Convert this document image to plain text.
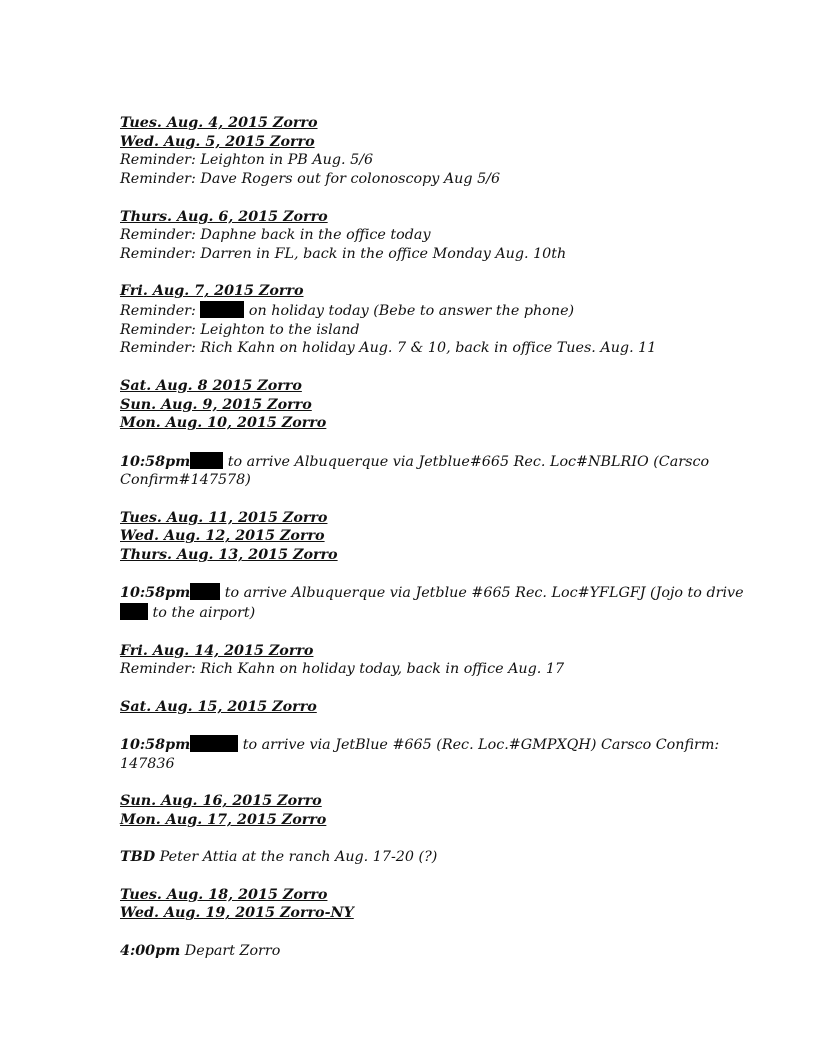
Tues. Aug. 4, 2015 Zorro
Wed. Aug. 5, 2015 Zorro
Reminder: Leighton in PB Aug. 5/6
Reminder: Dave Rogers out for colonoscopy Aug 5/6
Thurs. Aug. 6, 2015 Zorro
Reminder: Daphne back in the office today
Reminder: Darren in FL, back in the office Monday Aug. 10th
Fri. Aug. 7, 2015 Zorro
Reminder:	on holiday today (Bebe to answer the phone)
Reminder: Leighton to the island
Reminder: Rich Kahn on holiday Aug. 7 & 10, back in office Tues. Aug. 11
Sat. Aug. 8 2015 Zorro
Sun. Aug. 9, 2015 Zorro
Mon. Aug. 10, 2015 Zorro
10:58pm	to arrive Albuquerque via Jetblue#665 Rec. Loc#NBLRIO (Carsco
Confirm#147578)
Tues. Aug. 11, 2015 Zorro
Wed. Aug. 12, 2015 Zorro
Thurs. Aug. 13, 2015 Zorro
10:58pm to arrive Albuquerque via Jetblue #665 Rec. Loc#YFLGFJ (Jojo to drive
to the airport)
Fri. Aug. 14, 2015 Zorro
Reminder: Rich Kahn on holiday today, back in office Aug. 17
Sat. Aug. 15, 2015 Zorro
10:58pm	to arrive via JetBlue #665 (Rec. Loc.#GMPXQH) Carsco Confirm:
147836
Sun. Aug. 16, 2015 Zorro
Mon. Aug. 17, 2015 Zorro
TBD Peter Attia at the ranch Aug. 17-20 (?)
Tues. Aug. 18, 2015 Zorro
Wed. Aug. 19, 2015 Zorro-NY
4:00pm Depart Zorro
